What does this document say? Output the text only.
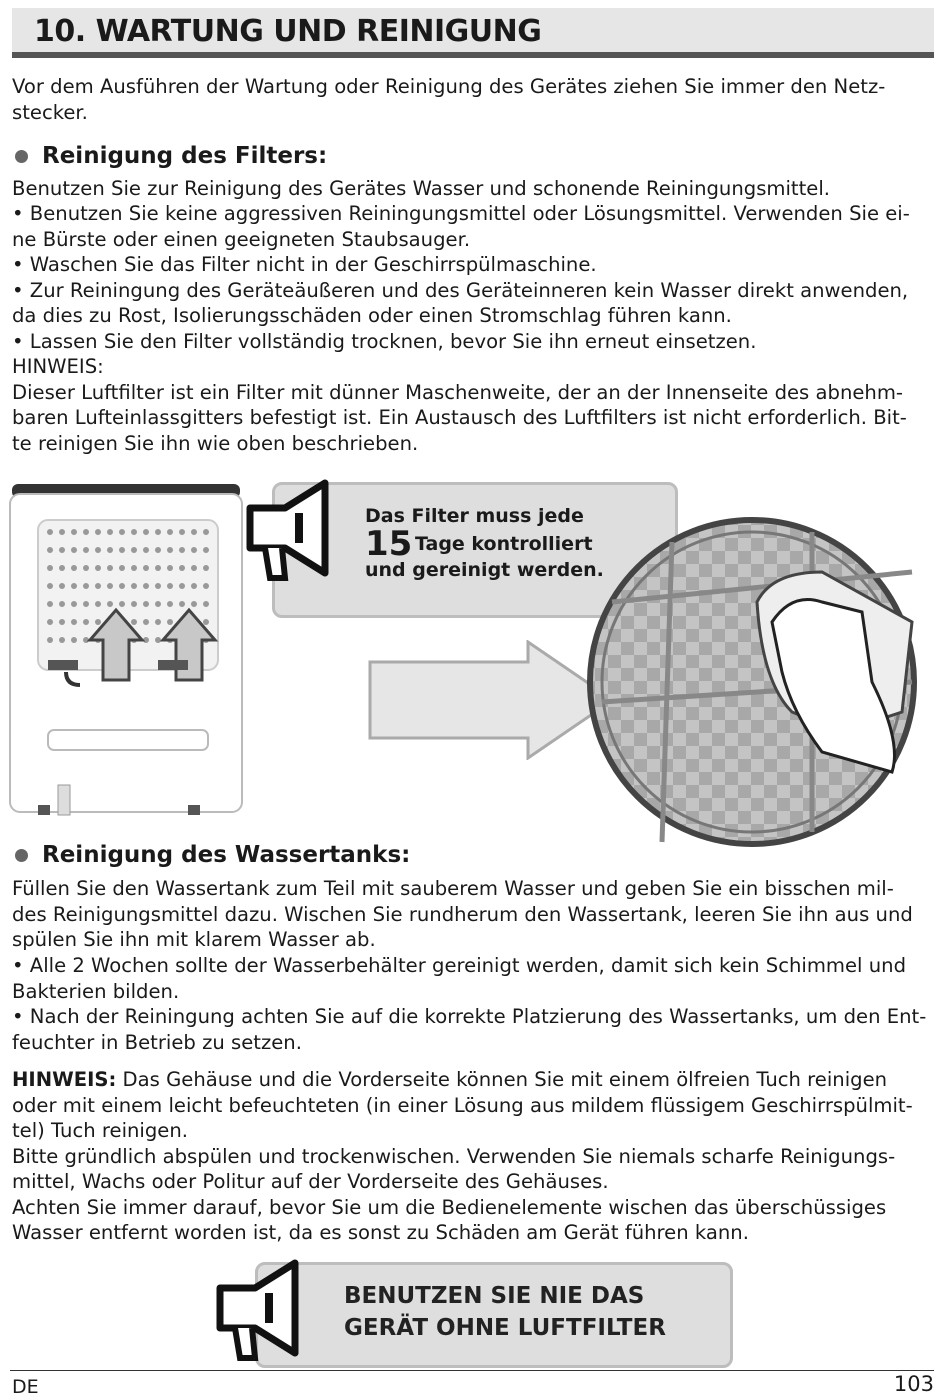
10. WARTUNG UND REINIGUNG

Vor dem Ausführen der Wartung oder Reinigung des Gerätes ziehen Sie immer den Netz-

stecker.

Reinigung des Filters:

Benutzen Sie zur Reinigung des Gerätes Wasser und schonende Reiningungsmittel.

• Benutzen Sie keine aggressiven Reiningungsmittel oder Lösungsmittel. Verwenden Sie ei-

ne Bürste oder einen geeigneten Staubsauger.

• Waschen Sie das Filter nicht in der Geschirrspülmaschine.

• Zur Reiningung des Geräteäußeren und des Geräteinneren kein Wasser direkt anwenden,

da dies zu Rost, Isolierungsschäden oder einen Stromschlag führen kann.

• Lassen Sie den Filter vollständig trocknen, bevor Sie ihn erneut einsetzen.

HINWEIS:

Dieser Luftfilter ist ein Filter mit dünner Maschenweite, der an der Innenseite des abnehm-

baren Lufteinlassgitters befestigt ist. Ein Austausch des Luftfilters ist nicht erforderlich. Bit-

te reinigen Sie ihn wie oben beschrieben.

Das Filter muss jede
15 Tage kontrolliert
und gereinigt werden.
Reinigung des Wassertanks:

Füllen Sie den Wassertank zum Teil mit sauberem Wasser und geben Sie ein bisschen mil-

des Reinigungsmittel dazu. Wischen Sie rundherum den Wassertank, leeren Sie ihn aus und

spülen Sie ihn mit klarem Wasser ab.

• Alle 2 Wochen sollte der Wasserbehälter gereinigt werden, damit sich kein Schimmel und

Bakterien bilden.

• Nach der Reiningung achten Sie auf die korrekte Platzierung des Wassertanks, um den Ent-

feuchter in Betrieb zu setzen.

HINWEIS: Das Gehäuse und die Vorderseite können Sie mit einem ölfreien Tuch reinigen

oder mit einem leicht befeuchteten (in einer Lösung aus mildem flüssigem Geschirrspülmit-

tel) Tuch reinigen.

Bitte gründlich abspülen und trockenwischen. Verwenden Sie niemals scharfe Reinigungs-

mittel, Wachs oder Politur auf der Vorderseite des Gehäuses.

Achten Sie immer darauf, bevor Sie um die Bedienelemente wischen das überschüssiges

Wasser entfernt worden ist, da es sonst zu Schäden am Gerät führen kann.

BENUTZEN SIE NIE DAS
GERÄT OHNE LUFTFILTER
DE	103
